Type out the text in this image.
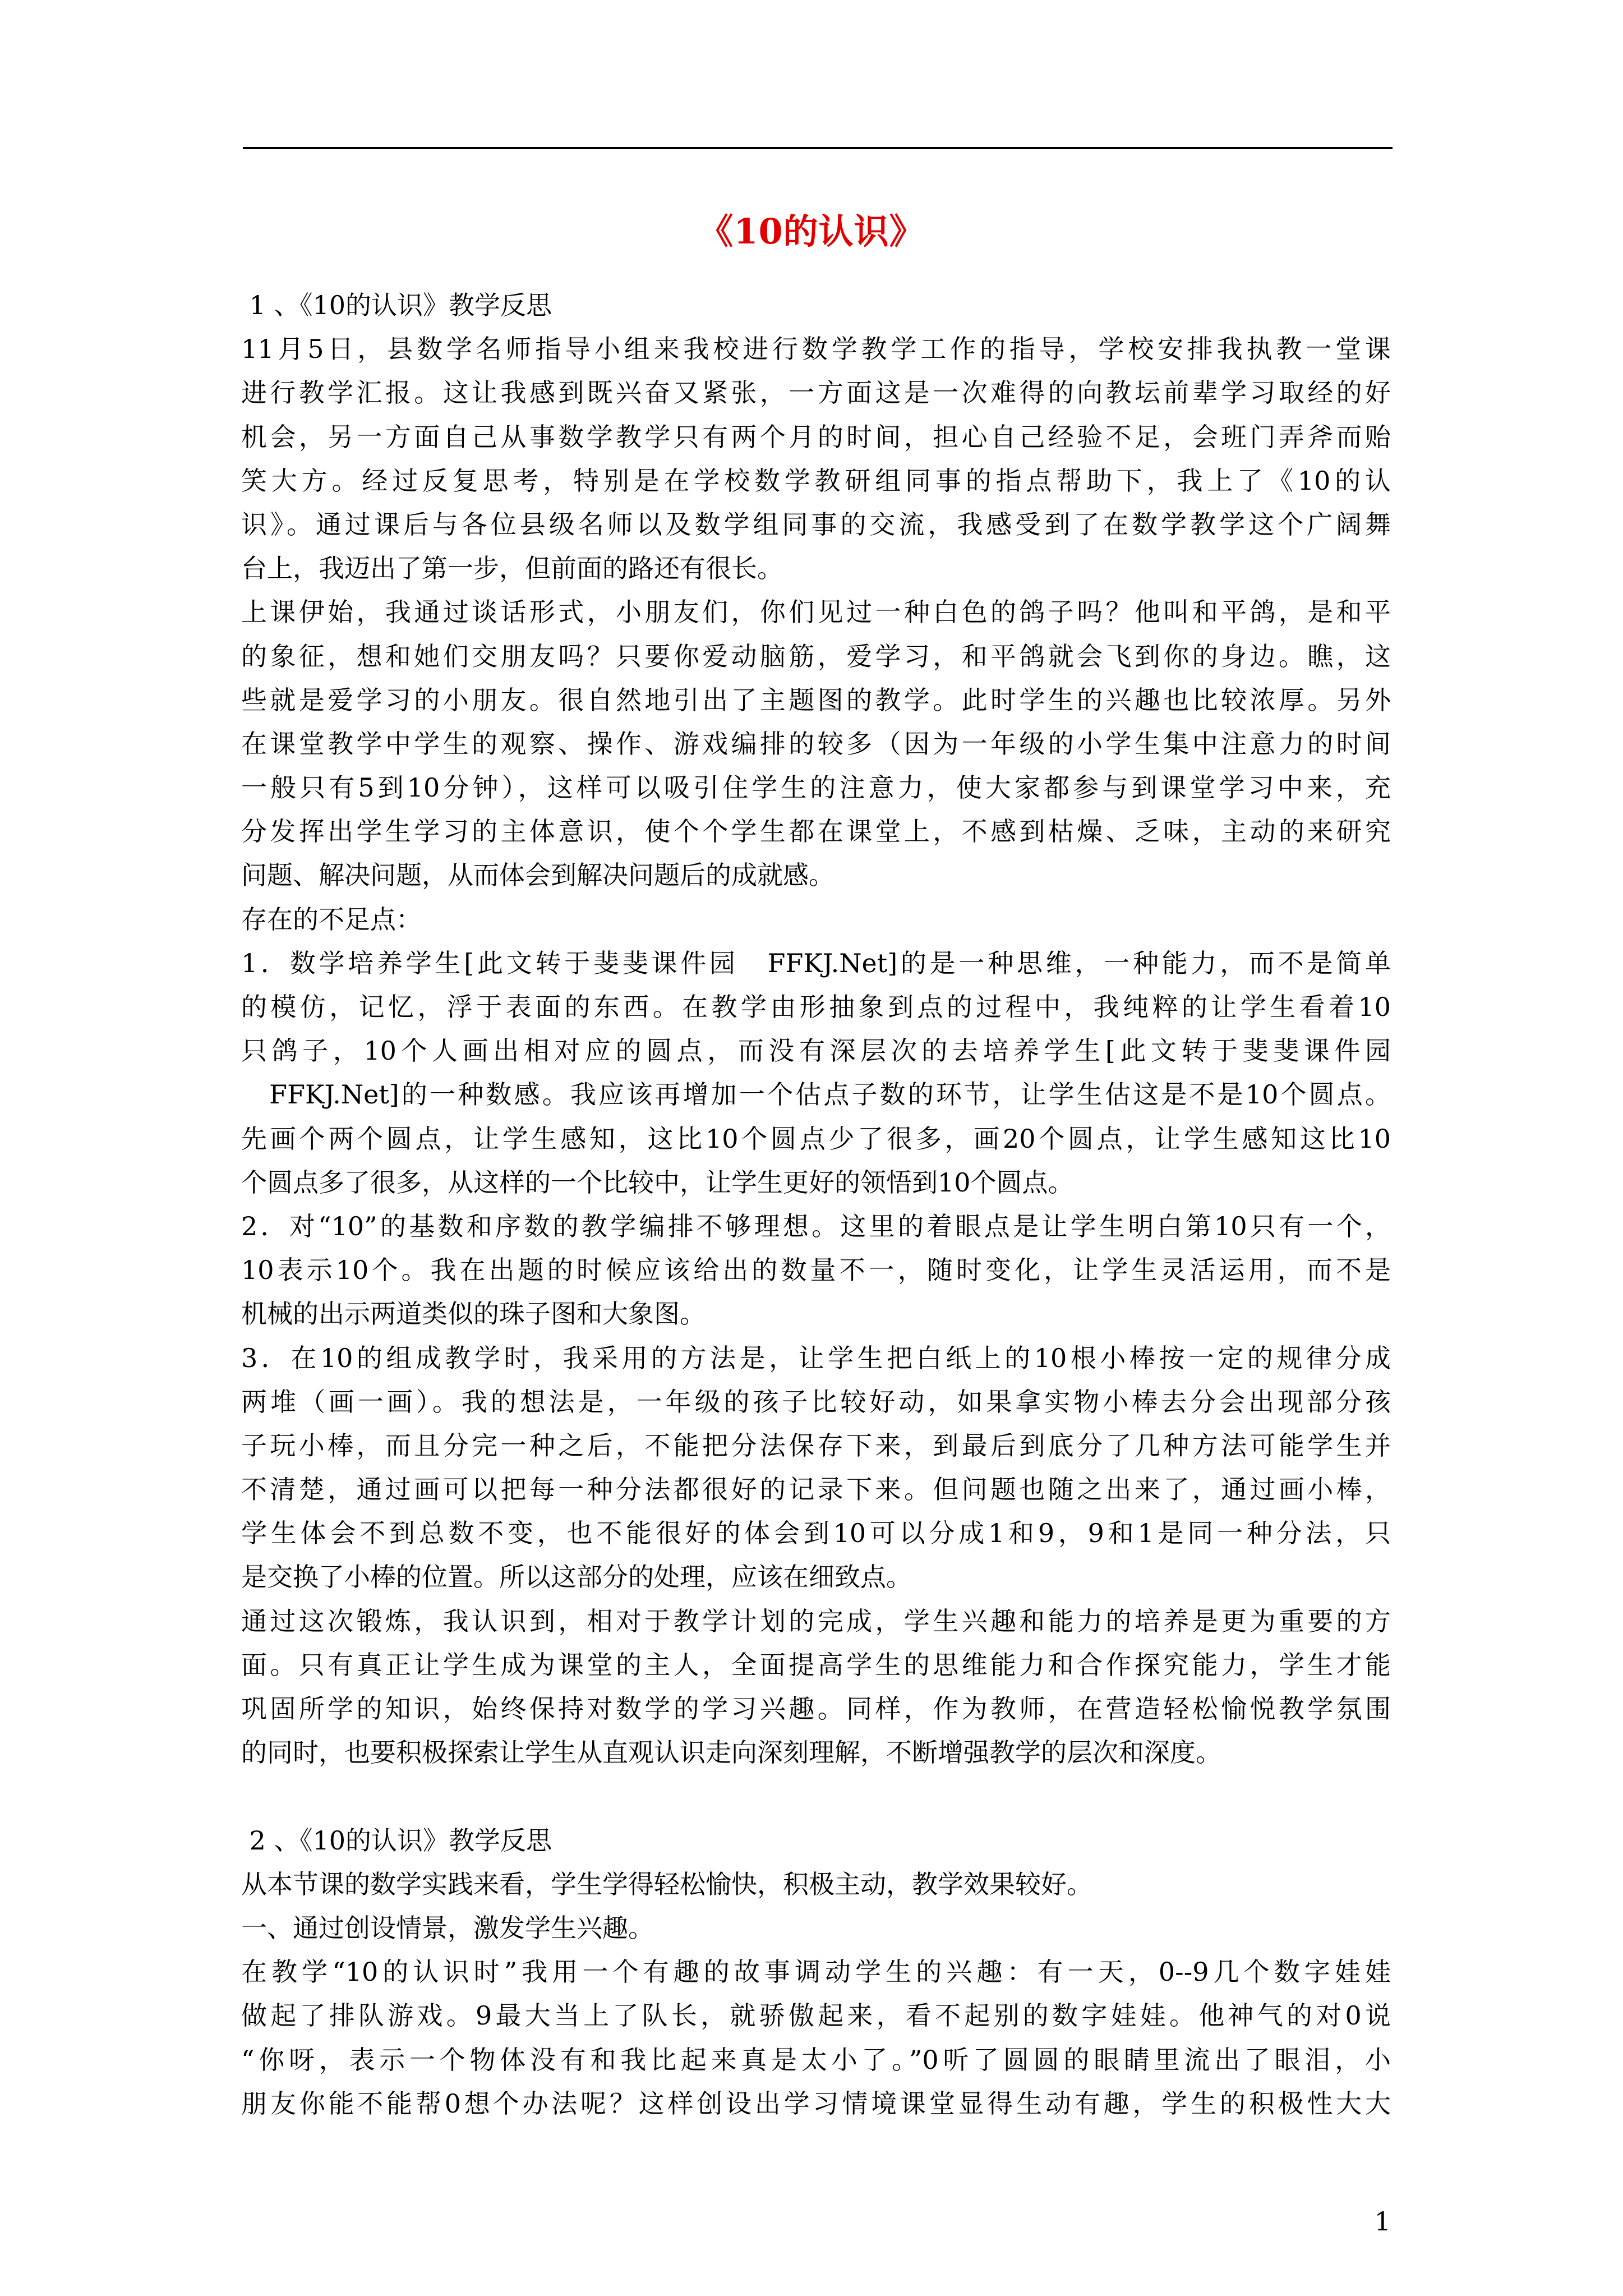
《10的认识》
1 、《10的认识》教学反思
11月5日，县数学名师指导小组来我校进行数学教学工作的指导，学校安排我执教一堂课
进行教学汇报。这让我感到既兴奋又紧张，一方面这是一次难得的向教坛前辈学习取经的好
机会，另一方面自己从事数学教学只有两个月的时间，担心自己经验不足，会班门弄斧而贻
笑大方。经过反复思考，特别是在学校数学教研组同事的指点帮助下，我上了《10的认
识》。通过课后与各位县级名师以及数学组同事的交流，我感受到了在数学教学这个广阔舞
台上，我迈出了第一步，但前面的路还有很长。
上课伊始，我通过谈话形式，小朋友们，你们见过一种白色的鸽子吗？他叫和平鸽，是和平
的象征，想和她们交朋友吗？只要你爱动脑筋，爱学习，和平鸽就会飞到你的身边。瞧，这
些就是爱学习的小朋友。很自然地引出了主题图的教学。此时学生的兴趣也比较浓厚。另外
在课堂教学中学生的观察、操作、游戏编排的较多（因为一年级的小学生集中注意力的时间
一般只有5到10分钟），这样可以吸引住学生的注意力，使大家都参与到课堂学习中来，充
分发挥出学生学习的主体意识，使个个学生都在课堂上，不感到枯燥、乏味，主动的来研究
问题、解决问题，从而体会到解决问题后的成就感。
存在的不足点：
1．数学培养学生[此文转于斐斐课件园　FFKJ.Net]的是一种思维，一种能力，而不是简单
的模仿，记忆，浮于表面的东西。在教学由形抽象到点的过程中，我纯粹的让学生看着10
只鸽子，10个人画出相对应的圆点，而没有深层次的去培养学生[此文转于斐斐课件园
　FFKJ.Net]的一种数感。我应该再增加一个估点子数的环节，让学生估这是不是10个圆点。
先画个两个圆点，让学生感知，这比10个圆点少了很多，画20个圆点，让学生感知这比10
个圆点多了很多，从这样的一个比较中，让学生更好的领悟到10个圆点。
2．对“10”的基数和序数的教学编排不够理想。这里的着眼点是让学生明白第10只有一个，
10表示10个。我在出题的时候应该给出的数量不一，随时变化，让学生灵活运用，而不是
机械的出示两道类似的珠子图和大象图。
3．在10的组成教学时，我采用的方法是，让学生把白纸上的10根小棒按一定的规律分成
两堆（画一画）。我的想法是，一年级的孩子比较好动，如果拿实物小棒去分会出现部分孩
子玩小棒，而且分完一种之后，不能把分法保存下来，到最后到底分了几种方法可能学生并
不清楚，通过画可以把每一种分法都很好的记录下来。但问题也随之出来了，通过画小棒，
学生体会不到总数不变，也不能很好的体会到10可以分成1和9，9和1是同一种分法，只
是交换了小棒的位置。所以这部分的处理，应该在细致点。
通过这次锻炼，我认识到，相对于教学计划的完成，学生兴趣和能力的培养是更为重要的方
面。只有真正让学生成为课堂的主人，全面提高学生的思维能力和合作探究能力，学生才能
巩固所学的知识，始终保持对数学的学习兴趣。同样，作为教师，在营造轻松愉悦教学氛围
的同时，也要积极探索让学生从直观认识走向深刻理解，不断增强教学的层次和深度。
2 、《10的认识》教学反思
从本节课的数学实践来看，学生学得轻松愉快，积极主动，教学效果较好。
一、通过创设情景，激发学生兴趣。
在教学“10的认识时”我用一个有趣的故事调动学生的兴趣：有一天，0--9几个数字娃娃
做起了排队游戏。9最大当上了队长，就骄傲起来，看不起别的数字娃娃。他神气的对0说
“你呀，表示一个物体没有和我比起来真是太小了。”0听了圆圆的眼睛里流出了眼泪，小
朋友你能不能帮0想个办法呢？这样创设出学习情境课堂显得生动有趣，学生的积极性大大
1
